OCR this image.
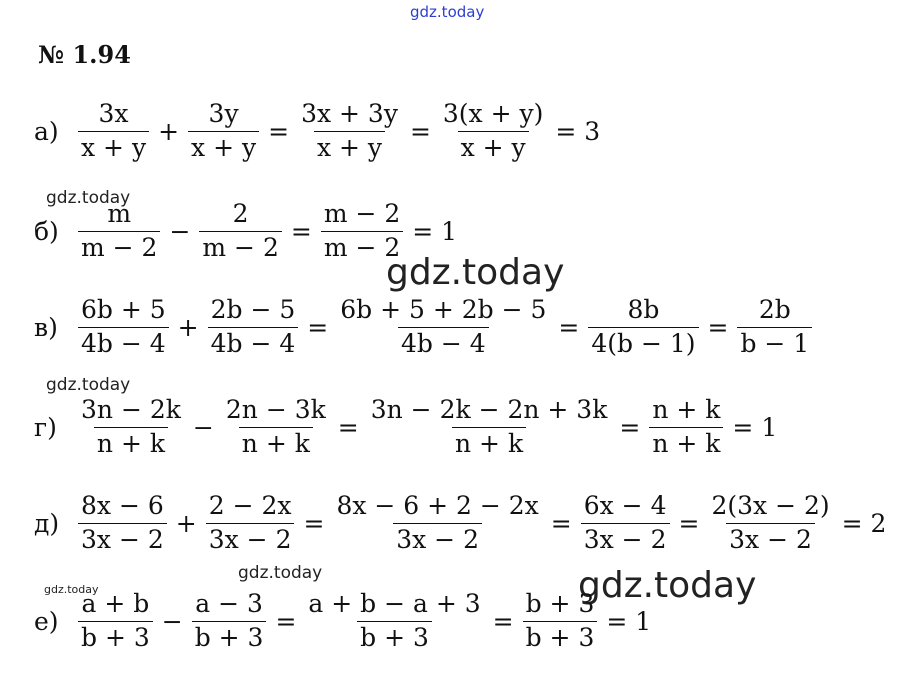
gdz.today
№ 1.94
gdz.today
gdz.today
gdz.today
gdz.today
gdz.today	gdz.today
$а) \frac{3x}{x + y} + \frac{3y}{x + y} = \frac{3x + 3y}{x + y} = \frac{3(x + y)}{x + y} = 3$
$б) \frac{m}{m - 2} - \frac{2}{m - 2} = \frac{m - 2}{m - 2} = 1$
$в) \frac{6b + 5}{4b - 4} + \frac{2b - 5}{4b - 4} = \frac{6b + 5 + 2b - 5}{4b - 4} = \frac{8b}{4(b - 1)} = \frac{2b}{b - 1}$
$г) \frac{3n - 2k}{n + k} - \frac{2n - 3k}{n + k} = \frac{3n - 2k - 2n + 3k}{n + k} = \frac{n + k}{n + k} = 1$
$д) \frac{8x - 6}{3x - 2} + \frac{2 - 2x}{3x - 2} = \frac{8x - 6 + 2 - 2x}{3x - 2} = \frac{6x - 4}{3x - 2} = \frac{2(3x - 2)}{3x - 2} = 2$
$е) \frac{a + b}{b + 3} - \frac{a - 3}{b + 3} = \frac{a + b - a + 3}{b + 3} = \frac{b + 3}{b + 3} = 1$
